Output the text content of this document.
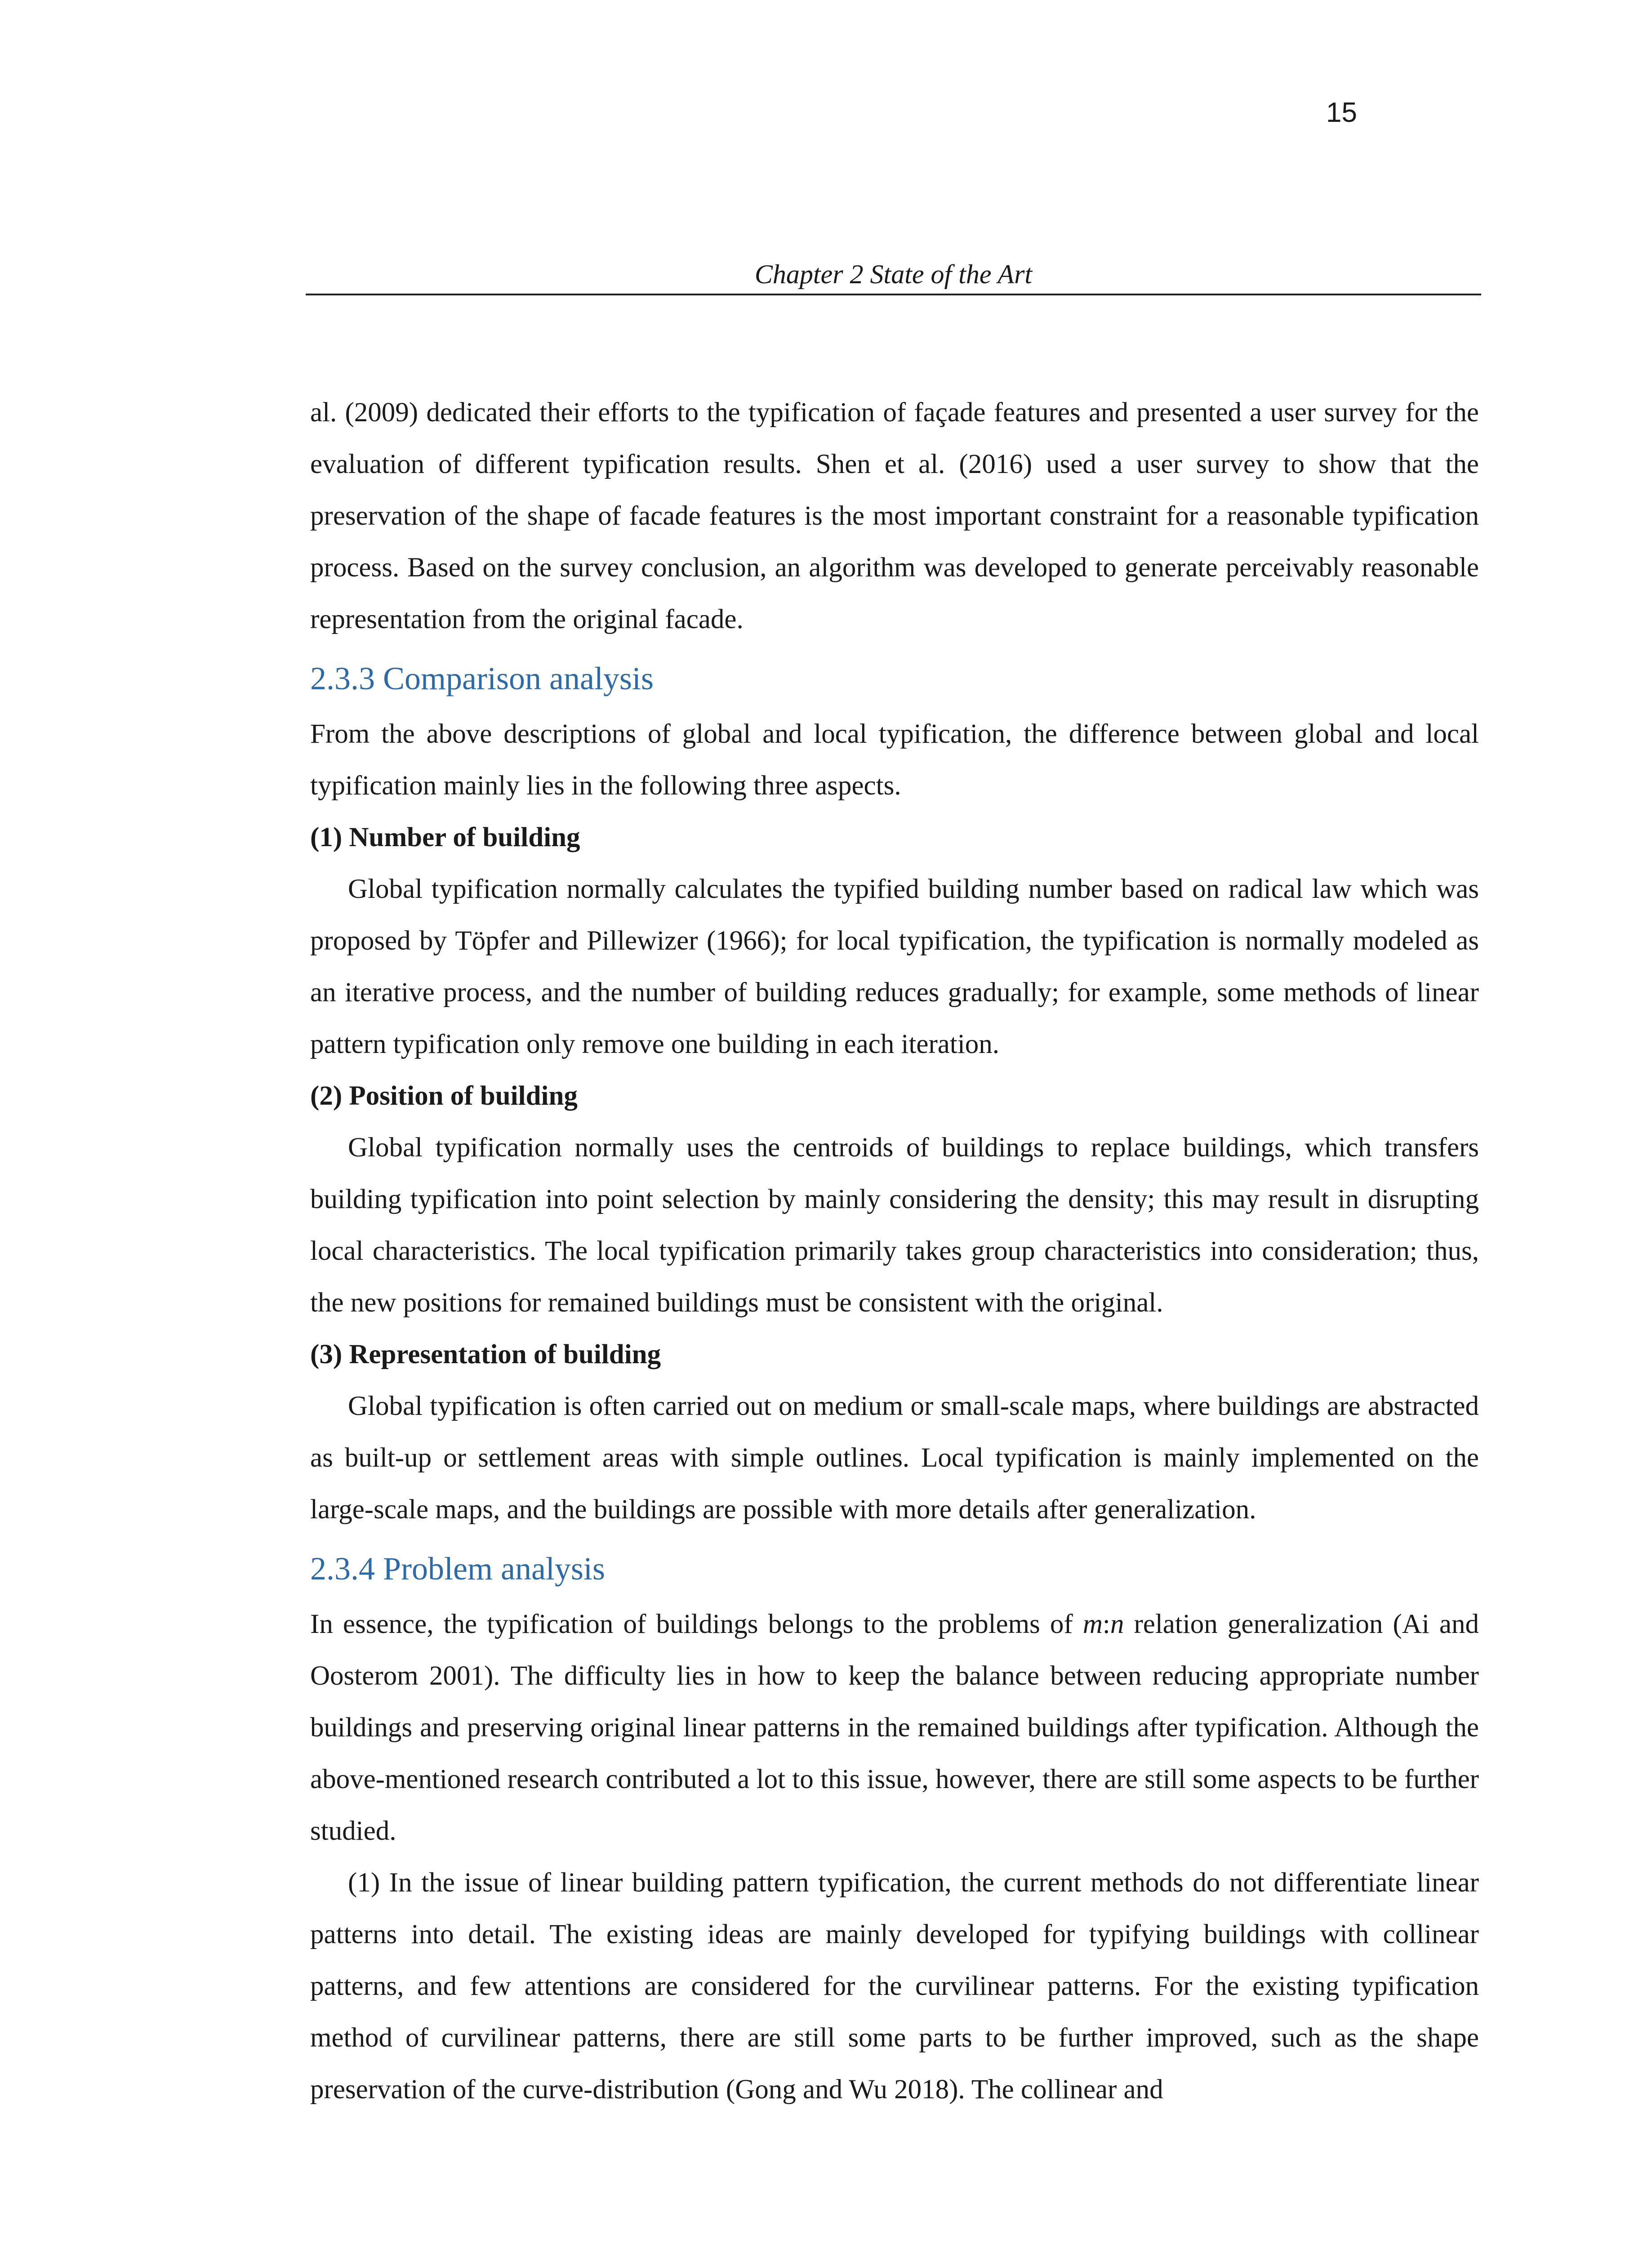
15
Chapter 2 State of the Art

al. (2009) dedicated their efforts to the typification of façade features and presented a user survey for the evaluation of different typification results. Shen et al. (2016) used a user survey to show that the preservation of the shape of facade features is the most important constraint for a reasonable typification process. Based on the survey conclusion, an algorithm was developed to generate perceivably reasonable representation from the original facade.

2.3.3 Comparison analysis

From the above descriptions of global and local typification, the difference between global and local typification mainly lies in the following three aspects.

(1) Number of building

Global typification normally calculates the typified building number based on radical law which was proposed by Töpfer and Pillewizer (1966); for local typification, the typification is normally modeled as an iterative process, and the number of building reduces gradually; for example, some methods of linear pattern typification only remove one building in each iteration.

(2) Position of building

Global typification normally uses the centroids of buildings to replace buildings, which transfers building typification into point selection by mainly considering the density; this may result in disrupting local characteristics. The local typification primarily takes group characteristics into consideration; thus, the new positions for remained buildings must be consistent with the original.

(3) Representation of building

Global typification is often carried out on medium or small-scale maps, where buildings are abstracted as built-up or settlement areas with simple outlines. Local typification is mainly implemented on the large-scale maps, and the buildings are possible with more details after generalization.

2.3.4 Problem analysis

In essence, the typification of buildings belongs to the problems of m:n relation generalization (Ai and Oosterom 2001). The difficulty lies in how to keep the balance between reducing appropriate number buildings and preserving original linear patterns in the remained buildings after typification. Although the above-mentioned research contributed a lot to this issue, however, there are still some aspects to be further studied.

(1) In the issue of linear building pattern typification, the current methods do not differentiate linear patterns into detail. The existing ideas are mainly developed for typifying buildings with collinear patterns, and few attentions are considered for the curvilinear patterns. For the existing typification method of curvilinear patterns, there are still some parts to be further improved, such as the shape preservation of the curve-distribution (Gong and Wu 2018). The collinear and
